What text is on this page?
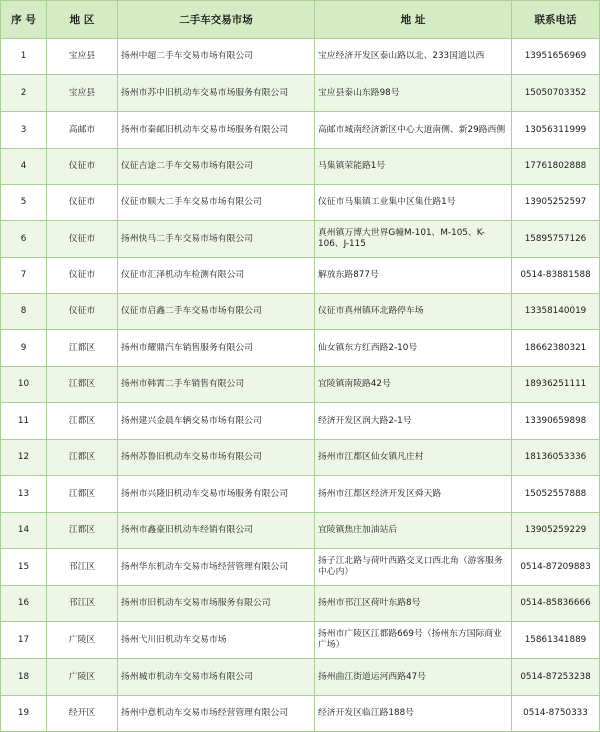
序 号	地 区	二手车交易市场	地 址	联系电话
1	宝应县	扬州中超二手车交易市场有限公司	宝应经济开发区泰山路以北、233国道以西	13951656969
2	宝应县	扬州市苏中旧机动车交易市场服务有限公司	宝应县泰山东路98号	15050703352
3	高邮市	扬州市秦邮旧机动车交易市场服务有限公司	高邮市城南经济新区中心大道南侧、新29路西侧	13056311999
4	仪征市	仪征吉途二手车交易市场有限公司	马集镇荣能路1号	17761802888
5	仪征市	仪征市顺大二手车交易市场有限公司	仪征市马集镇工业集中区集仕路1号	13905252597
6	仪征市	扬州快马二手车交易市场有限公司	真州镇万博大世界G幢M-101、M-105、K-106、J-115	15895757126
7	仪征市	仪征市汇泽机动车检测有限公司	解放东路877号	0514-83881588
8	仪征市	仪征市启鑫二手车交易市场有限公司	仪征市真州镇环北路停车场	13358140019
9	江都区	扬州市耀鼎汽车销售服务有限公司	仙女镇东方红西路2-10号	18662380321
10	江都区	扬州市韩霄二手车销售有限公司	宜陵镇南陵路42号	18936251111
11	江都区	扬州建兴金晨车辆交易市场有限公司	经济开发区润大路2-1号	13390659898
12	江都区	扬州苏鲁旧机动车交易市场有限公司	扬州市江都区仙女镇凡庄村	18136053336
13	江都区	扬州市兴隆旧机动车交易市场服务有限公司	扬州市江都区经济开发区舜天路	15052557888
14	江都区	扬州市鑫豪旧机动车经销有限公司	宜陵镇焦庄加油站后	13905259229
15	邗江区	扬州华东机动车交易市场经营管理有限公司	扬子江北路与荷叶西路交叉口西北角（游客服务中心内）	0514-87209883
16	邗江区	扬州市旧机动车交易市场服务有限公司	扬州市邗江区荷叶东路8号	0514-85836666
17	广陵区	扬州弋川旧机动车交易市场	扬州市广陵区江都路669号（扬州东方国际商业广场）	15861341889
18	广陵区	扬州城市机动车交易市场有限公司	扬州曲江街道运河西路47号	0514-87253238
19	经开区	扬州中意机动车交易市场经营管理有限公司	经济开发区临江路188号	0514-8750333
